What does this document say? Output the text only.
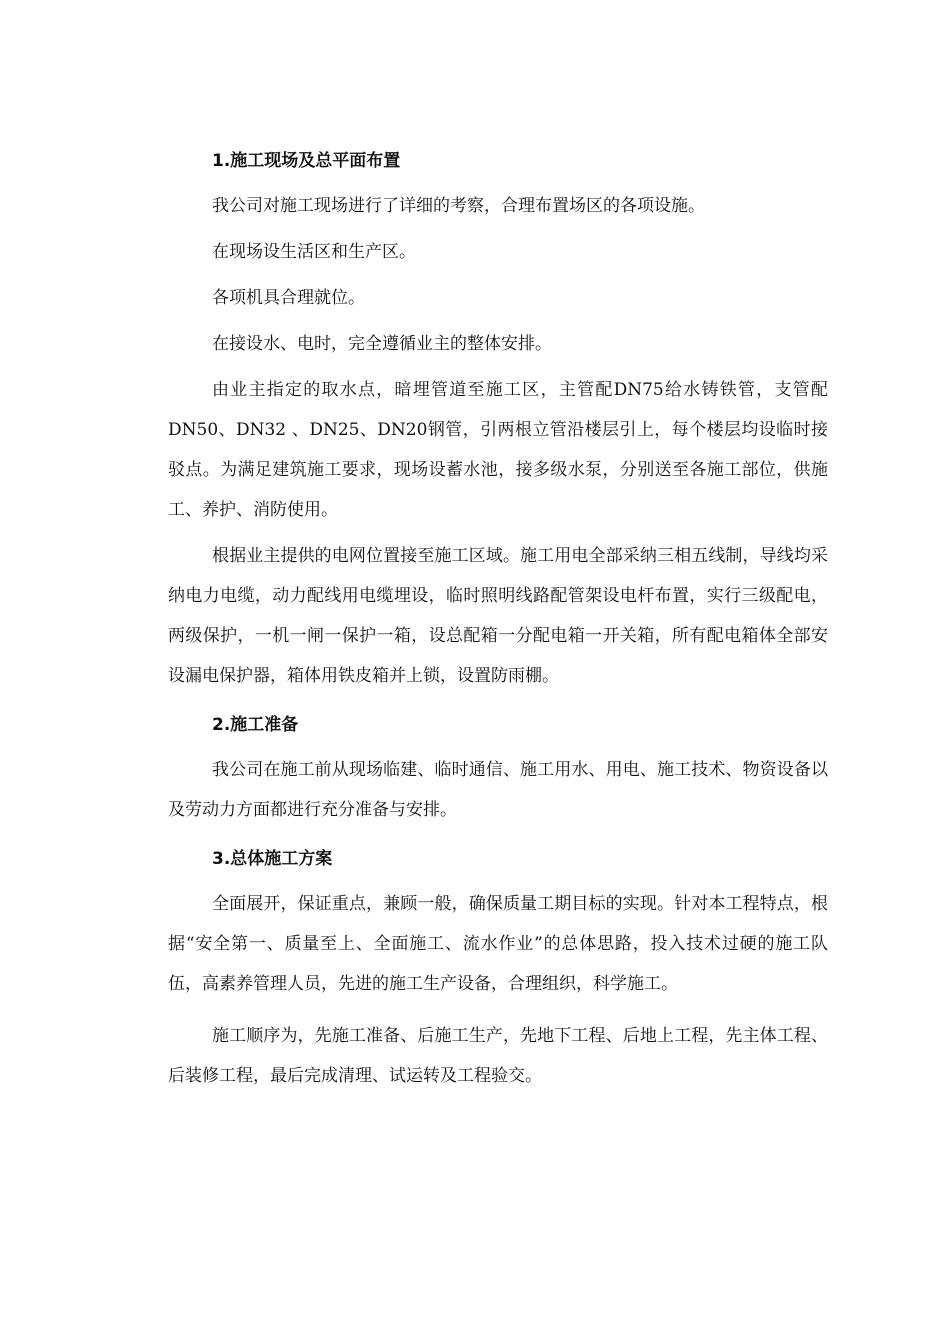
1.施工现场及总平面布置

我公司对施工现场进行了详细的考察，合理布置场区的各项设施。

在现场设生活区和生产区。

各项机具合理就位。

在接设水、电时，完全遵循业主的整体安排。

由业主指定的取水点，暗埋管道至施工区，主管配DN75给水铸铁管，支管配DN50、DN32 、DN25、DN20钢管，引两根立管沿楼层引上，每个楼层均设临时接驳点。为满足建筑施工要求，现场设蓄水池，接多级水泵，分别送至各施工部位，供施工、养护、消防使用。

根据业主提供的电网位置接至施工区域。施工用电全部采纳三相五线制，导线均采纳电力电缆，动力配线用电缆埋设，临时照明线路配管架设电杆布置，实行三级配电，两级保护，一机一闸一保护一箱，设总配箱一分配电箱一开关箱，所有配电箱体全部安设漏电保护器，箱体用铁皮箱并上锁，设置防雨棚。

2.施工准备

我公司在施工前从现场临建、临时通信、施工用水、用电、施工技术、物资设备以及劳动力方面都进行充分准备与安排。

3.总体施工方案

全面展开，保证重点，兼顾一般，确保质量工期目标的实现。针对本工程特点，根据“安全第一、质量至上、全面施工、流水作业”的总体思路，投入技术过硬的施工队伍，高素养管理人员，先进的施工生产设备，合理组织，科学施工。

施工顺序为，先施工准备、后施工生产，先地下工程、后地上工程，先主体工程、后装修工程，最后完成清理、试运转及工程验交。
